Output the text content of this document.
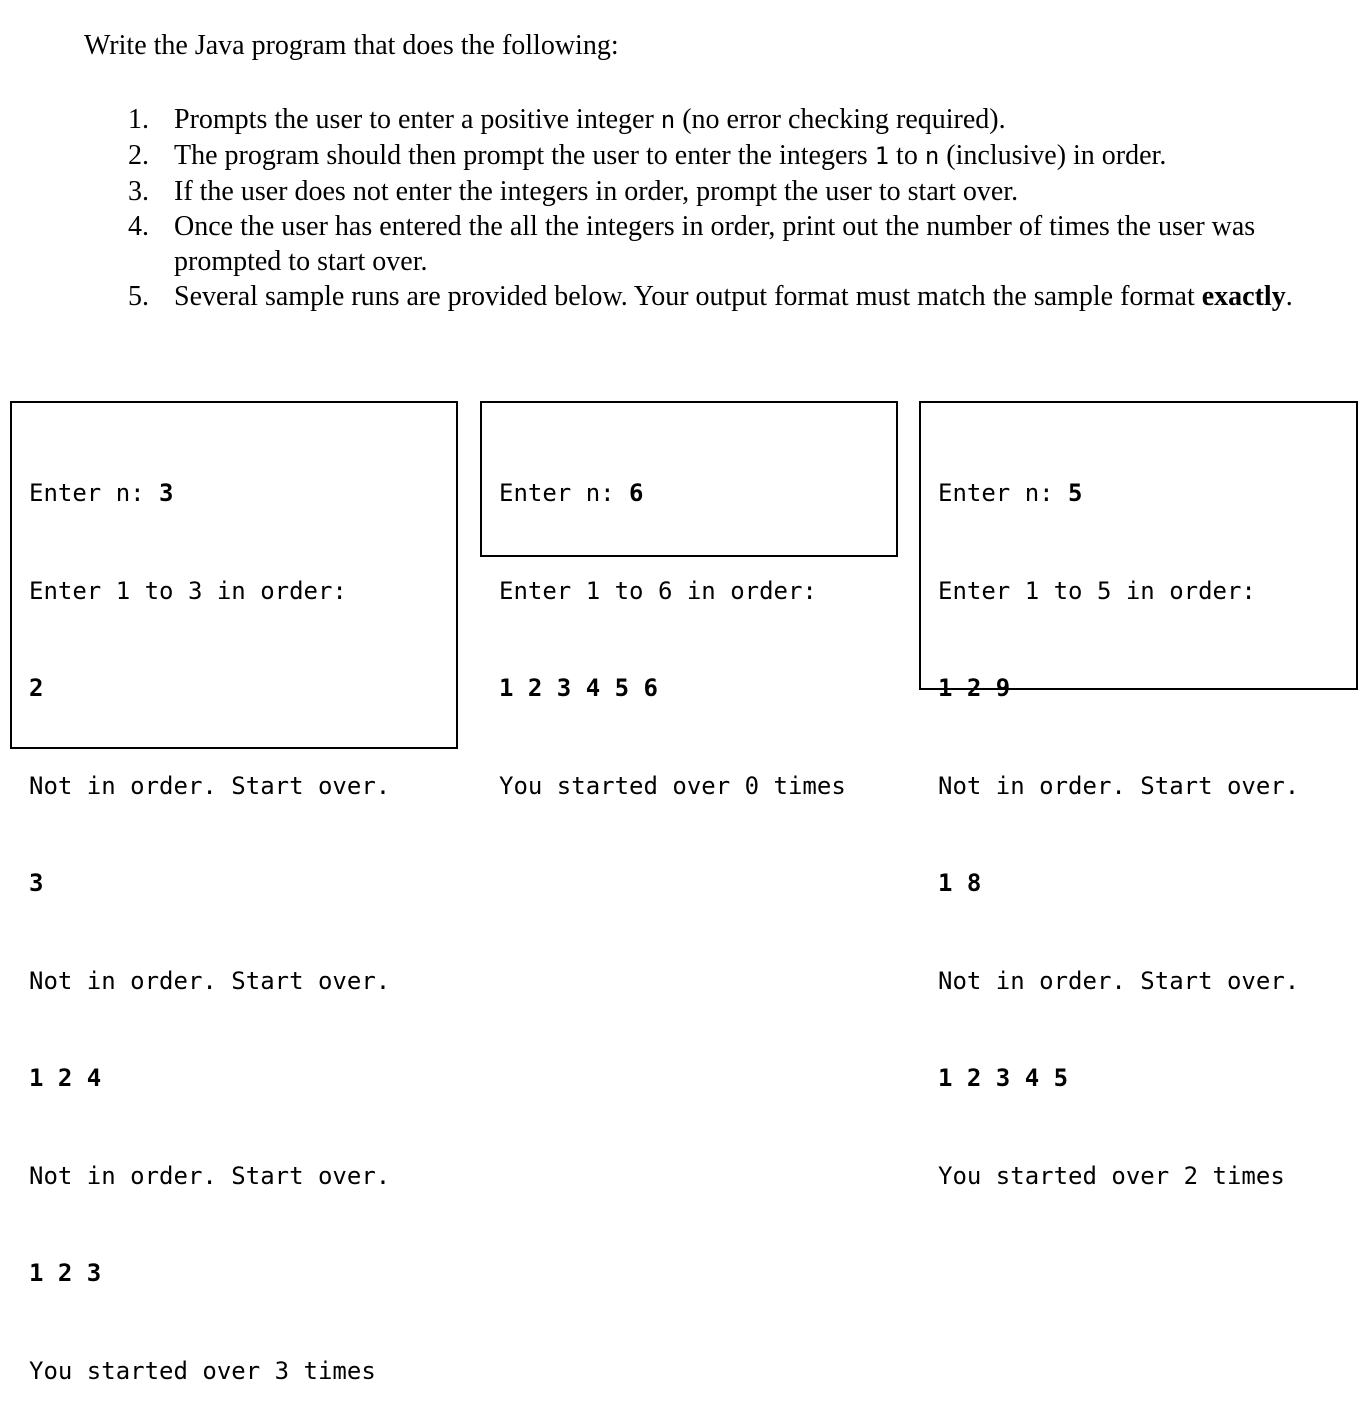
Write the Java program that does the following:
1. Prompts the user to enter a positive integer n (no error checking required).
2. The program should then prompt the user to enter the integers 1 to n (inclusive) in order.
3. If the user does not enter the integers in order, prompt the user to start over.
4. Once the user has entered the all the integers in order, print out the number of times the user was prompted to start over.
5. Several sample runs are provided below. Your output format must match the sample format exactly.

Enter n: 3

Enter 1 to 3 in order:

2

Not in order. Start over.

3

Not in order. Start over.

1 2 4

Not in order. Start over.

1 2 3

You started over 3 times

Enter n: 6

Enter 1 to 6 in order:

1 2 3 4 5 6

You started over 0 times

Enter n: 5

Enter 1 to 5 in order:

1 2 9

Not in order. Start over.

1 8

Not in order. Start over.

1 2 3 4 5

You started over 2 times
